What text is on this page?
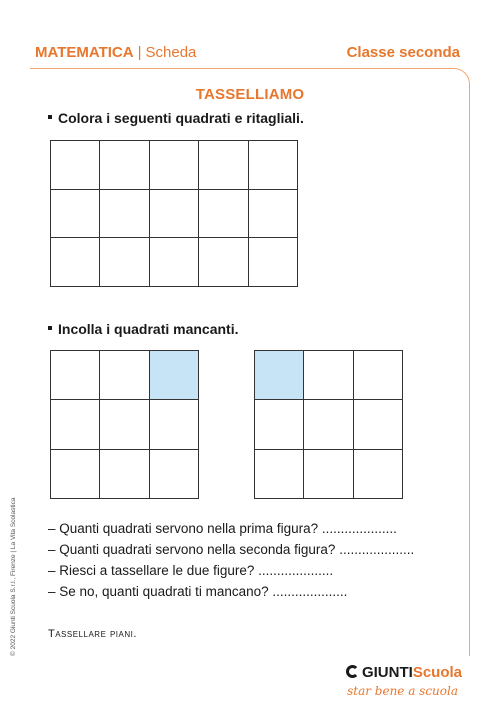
MATEMATICA | Scheda	Classe seconda
TASSELLIAMO
Colora i seguenti quadrati e ritagliali.
Incolla i quadrati mancanti.
– Quanti quadrati servono nella prima figura? ....................
– Quanti quadrati servono nella seconda figura? ....................
– Riesci a tassellare le due figure? ....................
– Se no, quanti quadrati ti mancano? ....................
Tassellare piani.
© 2022 Giunti Scuola S.r.l., Firenze | La Vita Scolastica
GIUNTIScuola
star bene a scuola
